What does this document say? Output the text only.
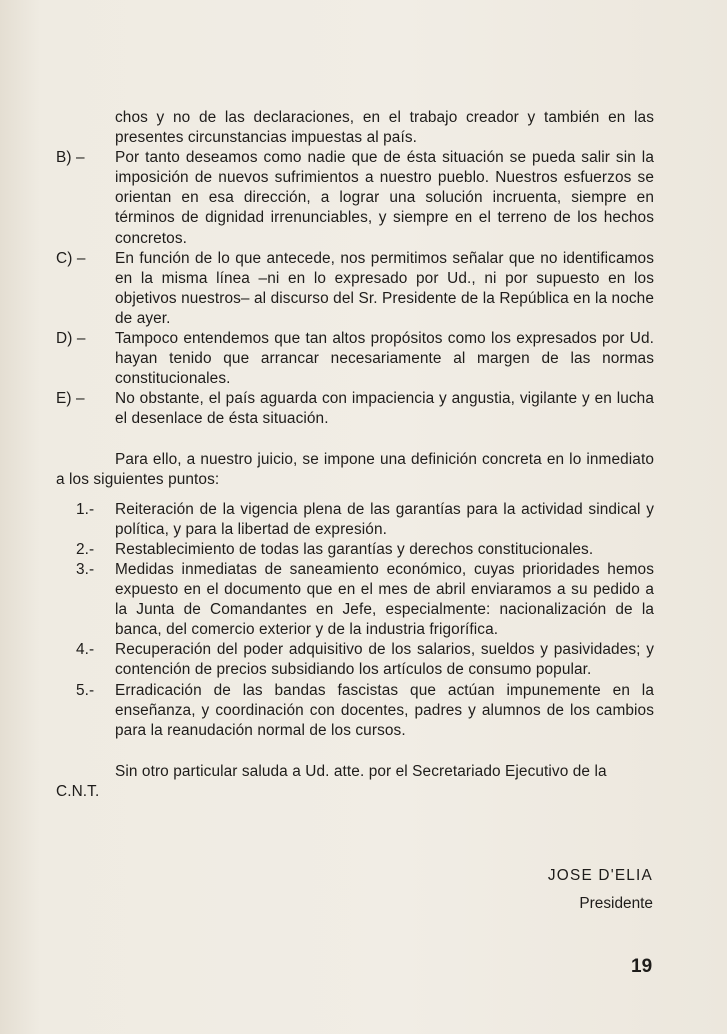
chos y no de las declaraciones, en el trabajo creador y también en las presentes circunstancias impuestas al país.
B) –	Por tanto deseamos como nadie que de ésta situación se pueda salir sin la imposición de nuevos sufrimientos a nuestro pueblo. Nuestros esfuerzos se orientan en esa dirección, a lograr una solución incruenta, siempre en términos de dignidad irrenunciables, y siempre en el terreno de los hechos concretos.
C) –	En función de lo que antecede, nos permitimos señalar que no identificamos en la misma línea –ni en lo expresado por Ud., ni por supuesto en los objetivos nuestros– al discurso del Sr. Presidente de la República en la noche de ayer.
D) –	Tampoco entendemos que tan altos propósitos como los expresados por Ud. hayan tenido que arrancar necesariamente al margen de las normas constitucionales.
E) –	No obstante, el país aguarda con impaciencia y angustia, vigilante y en lucha el desenlace de ésta situación.
Para ello, a nuestro juicio, se impone una definición concreta en lo inmediato a los siguientes puntos:
1.-	Reiteración de la vigencia plena de las garantías para la actividad sindical y política, y para la libertad de expresión.
2.-	Restablecimiento de todas las garantías y derechos constitucionales.
3.-	Medidas inmediatas de saneamiento económico, cuyas prioridades hemos expuesto en el documento que en el mes de abril enviaramos a su pedido a la Junta de Comandantes en Jefe, especialmente: nacionalización de la banca, del comercio exterior y de la industria frigorífica.
4.-	Recuperación del poder adquisitivo de los salarios, sueldos y pasividades; y contención de precios subsidiando los artículos de consumo popular.
5.-	Erradicación de las bandas fascistas que actúan impunemente en la enseñanza, y coordinación con docentes, padres y alumnos de los cambios para la reanudación normal de los cursos.
Sin otro particular saluda a Ud. atte. por el Secretariado Ejecutivo de la C.N.T.
JOSE D'ELIA
Presidente
19
